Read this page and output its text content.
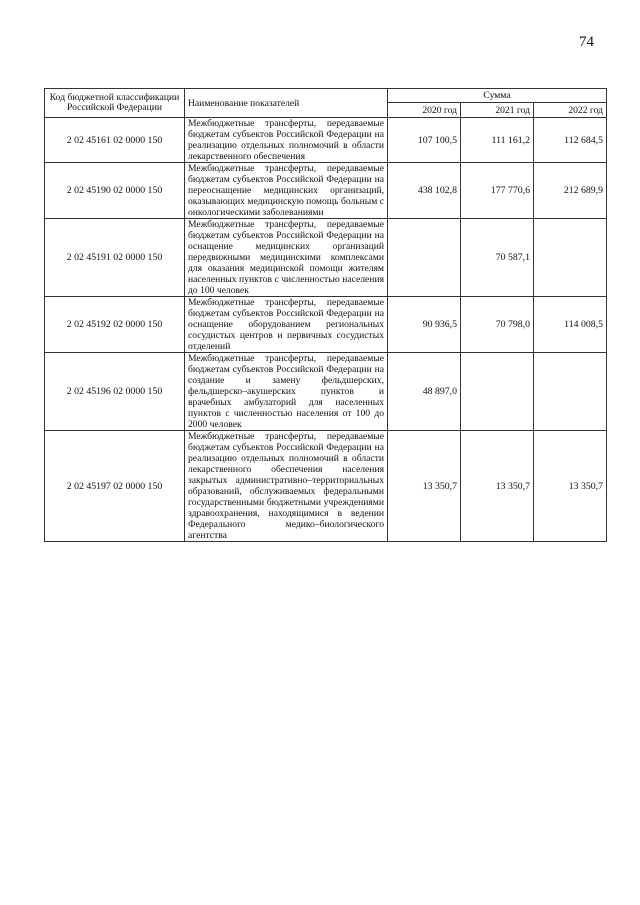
74
Код бюджетной классификации Российской Федерации	Наименование показателей	Сумма		
		2020 год	2021 год	2022 год
2 02 45161 02 0000 150	Межбюджетные трансферты, передаваемые бюджетам субъектов Российской Федерации на реализацию отдельных полномочий в области лекарственного обеспечения	107 100,5	111 161,2	112 684,5
2 02 45190 02 0000 150	Межбюджетные трансферты, передаваемые бюджетам субъектов Российской Федерации на переоснащение медицинских организаций, оказывающих медицинскую помощь больным с онкологическими заболеваниями	438 102,8	177 770,6	212 689,9
2 02 45191 02 0000 150	Межбюджетные трансферты, передаваемые бюджетам субъектов Российской Федерации на оснащение медицинских организаций передвижными медицинскими комплексами для оказания медицинской помощи жителям населенных пунктов с численностью населения до 100 человек		70 587,1	
2 02 45192 02 0000 150	Межбюджетные трансферты, передаваемые бюджетам субъектов Российской Федерации на оснащение оборудованием региональных сосудистых центров и первичных сосудистых отделений	90 936,5	70 798,0	114 008,5
2 02 45196 02 0000 150	Межбюджетные трансферты, передаваемые бюджетам субъектов Российской Федерации на создание и замену фельдшерских, фельдшерско–акушерских пунктов и врачебных амбулаторий для населенных пунктов с численностью населения от 100 до 2000 человек	48 897,0		
2 02 45197 02 0000 150	Межбюджетные трансферты, передаваемые бюджетам субъектов Российской Федерации на реализацию отдельных полномочий в области лекарственного обеспечения населения закрытых административно–территориальных образований, обслуживаемых федеральными государственными бюджетными учреждениями здравоохранения, находящимися в ведении Федерального медико–биологического агентства	13 350,7	13 350,7	13 350,7
